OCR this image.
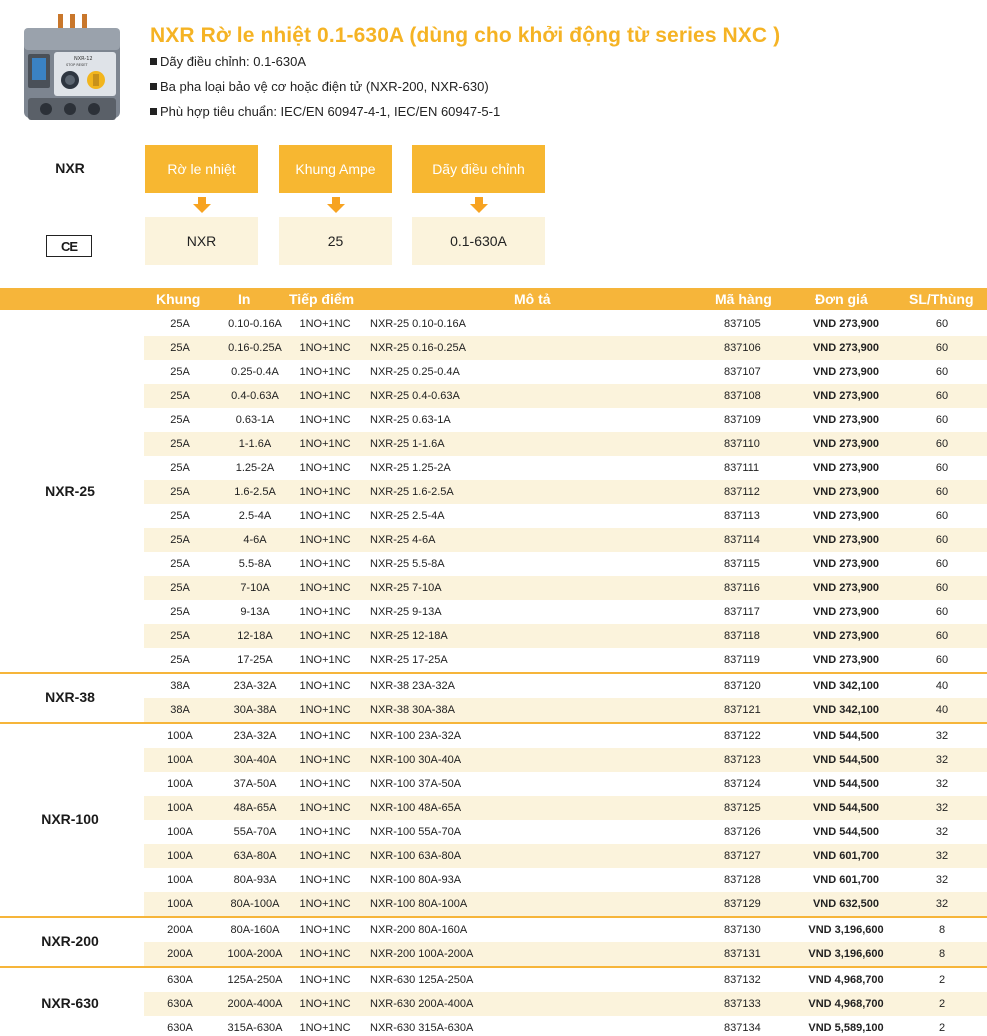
NXR-12
STOP RESET
NXR Rờ le nhiệt 0.1-630A (dùng cho khởi động từ series NXC )
Dãy điều chỉnh: 0.1-630A
Ba pha loại bảo vệ cơ hoặc điện tử (NXR-200, NXR-630)
Phù hợp tiêu chuẩn: IEC/EN 60947-4-1, IEC/EN 60947-5-1
NXR
CE
Rờ le nhiệt
NXR
Khung Ampe
25
Dãy điều chỉnh
0.1-630A
Khung	In	Tiếp điểm	Mô tả	Mã hàng	Đơn giá	SL/Thùng
25A	0.10-0.16A	1NO+1NC	NXR-25 0.10-0.16A	837105	VND 273,900	60
25A	0.16-0.25A	1NO+1NC	NXR-25 0.16-0.25A	837106	VND 273,900	60
25A	0.25-0.4A	1NO+1NC	NXR-25 0.25-0.4A	837107	VND 273,900	60
25A	0.4-0.63A	1NO+1NC	NXR-25 0.4-0.63A	837108	VND 273,900	60
25A	0.63-1A	1NO+1NC	NXR-25 0.63-1A	837109	VND 273,900	60
25A	1-1.6A	1NO+1NC	NXR-25 1-1.6A	837110	VND 273,900	60
25A	1.25-2A	1NO+1NC	NXR-25 1.25-2A	837111	VND 273,900	60
25A	1.6-2.5A	1NO+1NC	NXR-25 1.6-2.5A	837112	VND 273,900	60
25A	2.5-4A	1NO+1NC	NXR-25 2.5-4A	837113	VND 273,900	60
25A	4-6A	1NO+1NC	NXR-25 4-6A	837114	VND 273,900	60
25A	5.5-8A	1NO+1NC	NXR-25 5.5-8A	837115	VND 273,900	60
25A	7-10A	1NO+1NC	NXR-25 7-10A	837116	VND 273,900	60
25A	9-13A	1NO+1NC	NXR-25 9-13A	837117	VND 273,900	60
25A	12-18A	1NO+1NC	NXR-25 12-18A	837118	VND 273,900	60
25A	17-25A	1NO+1NC	NXR-25 17-25A	837119	VND 273,900	60
NXR-25
38A	23A-32A	1NO+1NC	NXR-38 23A-32A	837120	VND 342,100	40
38A	30A-38A	1NO+1NC	NXR-38 30A-38A	837121	VND 342,100	40
NXR-38
100A	23A-32A	1NO+1NC	NXR-100 23A-32A	837122	VND 544,500	32
100A	30A-40A	1NO+1NC	NXR-100 30A-40A	837123	VND 544,500	32
100A	37A-50A	1NO+1NC	NXR-100 37A-50A	837124	VND 544,500	32
100A	48A-65A	1NO+1NC	NXR-100 48A-65A	837125	VND 544,500	32
100A	55A-70A	1NO+1NC	NXR-100 55A-70A	837126	VND 544,500	32
100A	63A-80A	1NO+1NC	NXR-100 63A-80A	837127	VND 601,700	32
100A	80A-93A	1NO+1NC	NXR-100 80A-93A	837128	VND 601,700	32
100A	80A-100A	1NO+1NC	NXR-100 80A-100A	837129	VND 632,500	32
NXR-100
200A	80A-160A	1NO+1NC	NXR-200 80A-160A	837130	VND 3,196,600	8
200A	100A-200A	1NO+1NC	NXR-200 100A-200A	837131	VND 3,196,600	8
NXR-200
630A	125A-250A	1NO+1NC	NXR-630 125A-250A	837132	VND 4,968,700	2
630A	200A-400A	1NO+1NC	NXR-630 200A-400A	837133	VND 4,968,700	2
630A	315A-630A	1NO+1NC	NXR-630 315A-630A	837134	VND 5,589,100	2
NXR-630
